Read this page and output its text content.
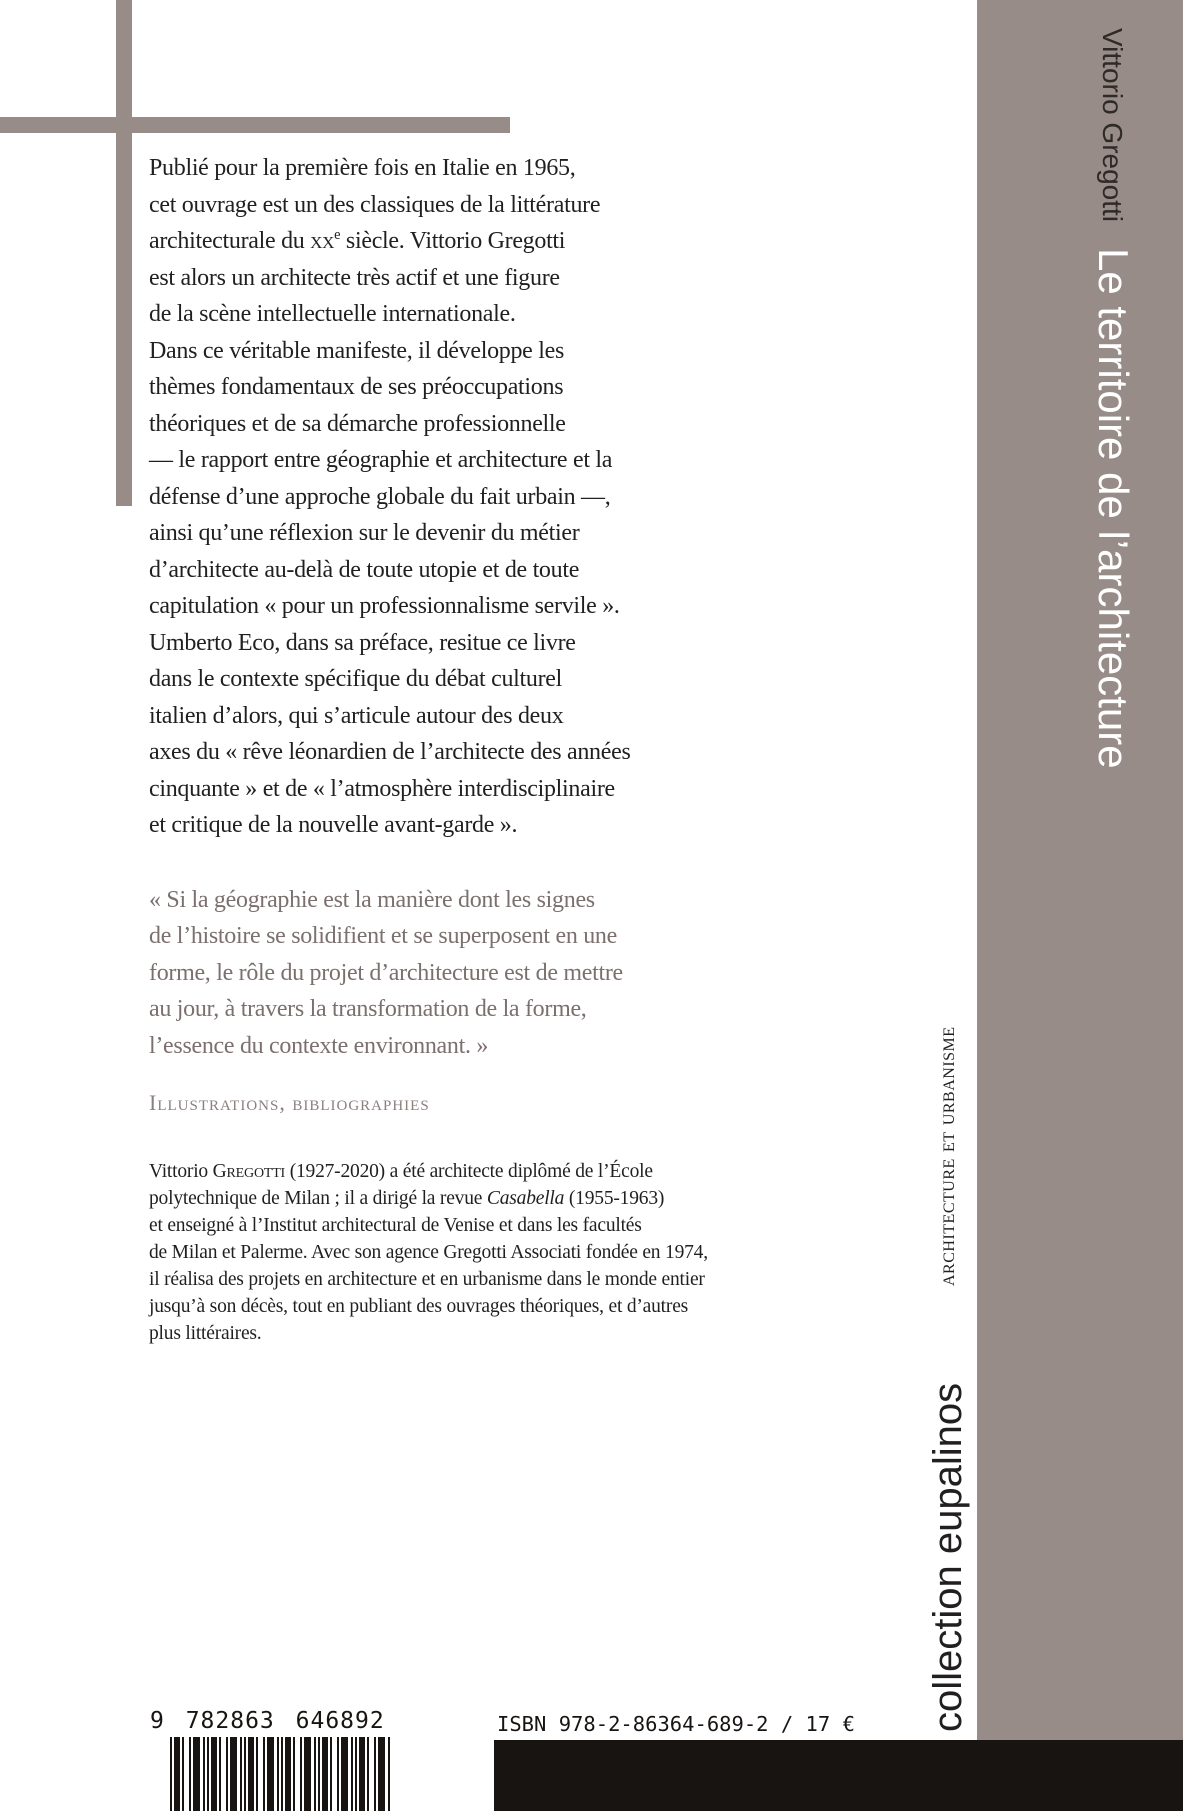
Publié pour la première fois en Italie en 1965,
cet ouvrage est un des classiques de la littérature
architecturale du $xx^e$ siècle. Vittorio Gregotti
est alors un architecte très actif et une figure
de la scène intellectuelle internationale.
Dans ce véritable manifeste, il développe les
thèmes fondamentaux de ses préoccupations
théoriques et de sa démarche professionnelle
— le rapport entre géographie et architecture et la
défense d’une approche globale du fait urbain —,
ainsi qu’une réflexion sur le devenir du métier
d’architecte au-delà de toute utopie et de toute
capitulation « pour un professionnalisme servile ».
Umberto Eco, dans sa préface, resitue ce livre
dans le contexte spécifique du débat culturel
italien d’alors, qui s’articule autour des deux
axes du « rêve léonardien de l’architecte des années
cinquante » et de « l’atmosphère interdisciplinaire
et critique de la nouvelle avant-garde ».

« Si la géographie est la manière dont les signes
de l’histoire se solidifient et se superposent en une
forme, le rôle du projet d’architecture est de mettre
au jour, à travers la transformation de la forme,
l’essence du contexte environnant. »

Illustrations, bibliographies

Vittorio Gregotti (1927-2020) a été architecte diplômé de l’École
polytechnique de Milan ; il a dirigé la revue Casabella (1955-1963)
et enseigné à l’Institut architectural de Venise et dans les facultés
de Milan et Palerme. Avec son agence Gregotti Associati fondée en 1974,
il réalisa des projets en architecture et en urbanisme dans le monde entier
jusqu’à son décès, tout en publiant des ouvrages théoriques, et d’autres
plus littéraires.

architecture et urbanisme
collection eupalinos
Vittorio Gregotti
Le territoire de l’architecture
9 782863 646892	ISBN 978-2-86364-689-2 / 17 €
